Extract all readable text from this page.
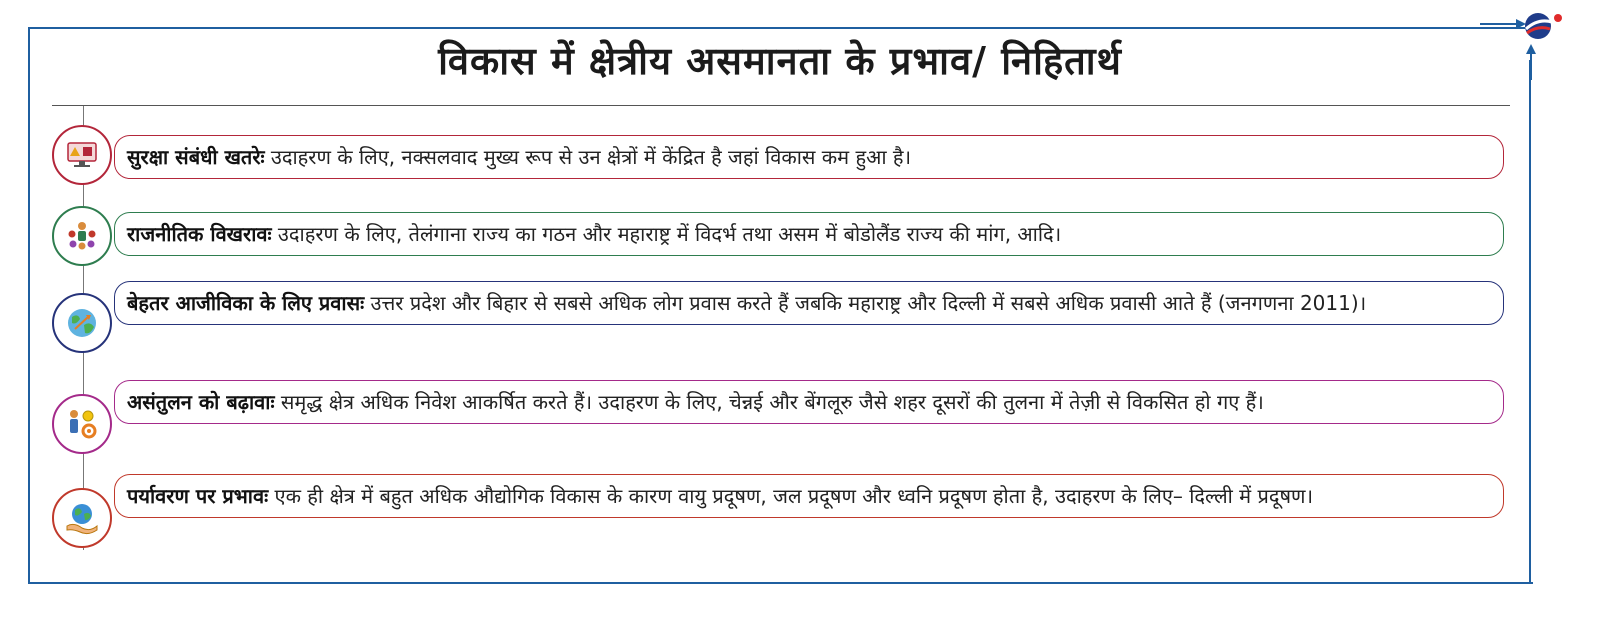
विकास में क्षेत्रीय असमानता के प्रभाव/ निहितार्थ
सुरक्षा संबंधी खतरेः उदाहरण के लिए, नक्सलवाद मुख्य रूप से उन क्षेत्रों में केंद्रित है जहां विकास कम हुआ है।
राजनीतिक विखरावः उदाहरण के लिए, तेलंगाना राज्य का गठन और महाराष्ट्र में विदर्भ तथा असम में बोडोलैंड राज्य की मांग, आदि।
बेहतर आजीविका के लिए प्रवासः उत्तर प्रदेश और बिहार से सबसे अधिक लोग प्रवास करते हैं जबकि महाराष्ट्र और दिल्ली में सबसे अधिक प्रवासी आते हैं (जनगणना 2011)।
असंतुलन को बढ़ावाः समृद्ध क्षेत्र अधिक निवेश आकर्षित करते हैं। उदाहरण के लिए, चेन्नई और बेंगलूरु जैसे शहर दूसरों की तुलना में तेज़ी से विकसित हो गए हैं।
पर्यावरण पर प्रभावः एक ही क्षेत्र में बहुत अधिक औद्योगिक विकास के कारण वायु प्रदूषण, जल प्रदूषण और ध्वनि प्रदूषण होता है, उदाहरण के लिए– दिल्ली में प्रदूषण।
